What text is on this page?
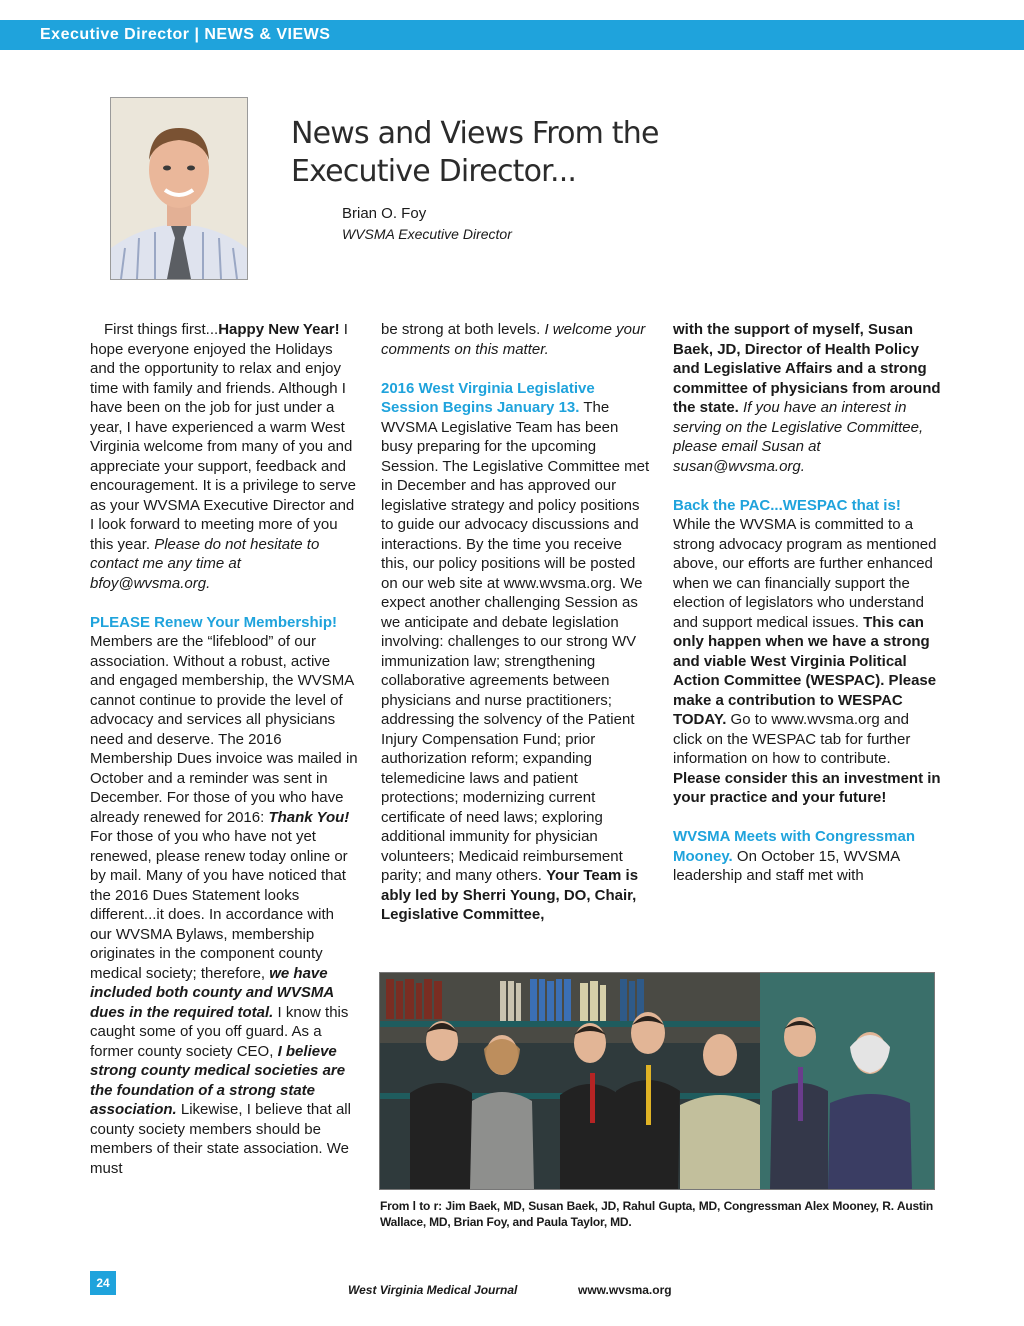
Executive Director | NEWS & VIEWS
News and Views From the
Executive Director...
Brian O. Foy
WVSMA Executive Director

First things first...Happy New Year! I hope everyone enjoyed the Holidays and the opportunity to relax and enjoy time with family and friends. Although I have been on the job for just under a year, I have experienced a warm West Virginia welcome from many of you and appreciate your support, feedback and encouragement. It is a privilege to serve as your WVSMA Executive Director and I look forward to meeting more of you this year. Please do not hesitate to contact me any time at bfoy@wvsma.org.

PLEASE Renew Your Membership!

Members are the “lifeblood” of our association. Without a robust, active and engaged membership, the WVSMA cannot continue to provide the level of advocacy and services all physicians need and deserve. The 2016 Membership Dues invoice was mailed in October and a reminder was sent in December. For those of you who have already renewed for 2016: Thank You!

For those of you who have not yet renewed, please renew today online or by mail. Many of you have noticed that the 2016 Dues Statement looks different...it does. In accordance with our WVSMA Bylaws, membership originates in the component county medical society; therefore, we have included both county and WVSMA dues in the required total. I know this caught some of you off guard. As a former county society CEO, I believe strong county medical societies are the foundation of a strong state association. Likewise, I believe that all county society members should be members of their state association. We must

be strong at both levels. I welcome your comments on this matter.

2016 West Virginia Legislative Session Begins January 13. The WVSMA Legislative Team has been busy preparing for the upcoming Session. The Legislative Committee met in December and has approved our legislative strategy and policy positions to guide our advocacy discussions and interactions. By the time you receive this, our policy positions will be posted on our web site at www.wvsma.org. We expect another challenging Session as we anticipate and debate legislation involving: challenges to our strong WV immunization law; strengthening collaborative agreements between physicians and nurse practitioners; addressing the solvency of the Patient Injury Compensation Fund; prior authorization reform; expanding telemedicine laws and patient protections; modernizing current certificate of need laws; exploring additional immunity for physician volunteers; Medicaid reimbursement parity; and many others. Your Team is ably led by Sherri Young, DO, Chair, Legislative Committee,

with the support of myself, Susan Baek, JD, Director of Health Policy and Legislative Affairs and a strong committee of physicians from around the state. If you have an interest in serving on the Legislative Committee, please email Susan at susan@wvsma.org.

Back the PAC...WESPAC that is!

While the WVSMA is committed to a strong advocacy program as mentioned above, our efforts are further enhanced when we can financially support the election of legislators who understand and support medical issues. This can only happen when we have a strong and viable West Virginia Political Action Committee (WESPAC). Please make a contribution to WESPAC TODAY. Go to www.wvsma.org and click on the WESPAC tab for further information on how to contribute. Please consider this an investment in your practice and your future!

WVSMA Meets with Congressman Mooney. On October 15, WVSMA leadership and staff met with

From l to r: Jim Baek, MD, Susan Baek, JD, Rahul Gupta, MD, Congressman Alex Mooney, R. Austin Wallace, MD, Brian Foy, and Paula Taylor, MD.
24	West Virginia Medical Journal	www.wvsma.org
